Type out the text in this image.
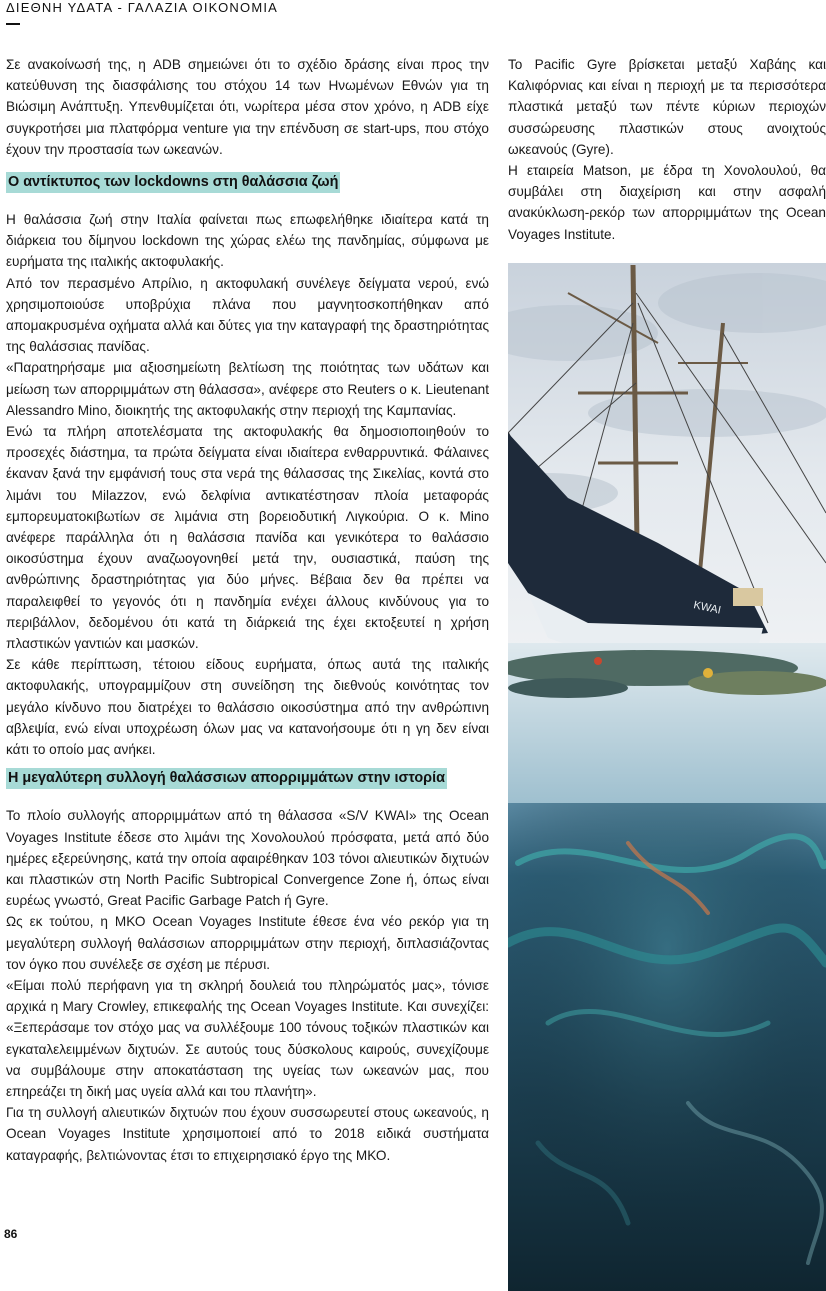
ΔΙΕΘΝΗ ΥΔΑΤΑ - ΓΑΛΑΖΙΑ ΟΙΚΟΝΟΜΙΑ

Σε ανακοίνωσή της, η ADB σημειώνει ότι το σχέδιο δράσης είναι προς την κατεύθυνση της διασφάλισης του στόχου 14 των Ηνωμένων Εθνών για τη Βιώσιμη Ανάπτυξη. Υπενθυμίζεται ότι, νωρίτερα μέσα στον χρόνο, η ADB είχε συγκροτήσει μια πλατφόρμα venture για την επένδυση σε start-ups, που στόχο έχουν την προστασία των ωκεανών.

Ο αντίκτυπος των lockdowns στη θαλάσσια ζωή

Η θαλάσσια ζωή στην Ιταλία φαίνεται πως επωφελήθηκε ιδιαίτερα κατά τη διάρκεια του δίμηνου lockdown της χώρας ελέω της πανδημίας, σύμφωνα με ευρήματα της ιταλικής ακτοφυλακής.

Από τον περασμένο Απρίλιο, η ακτοφυλακή συνέλεγε δείγματα νερού, ενώ χρησιμοποιούσε υποβρύχια πλάνα που μαγνητοσκοπήθηκαν από απομακρυσμένα οχήματα αλλά και δύτες για την καταγραφή της δραστηριότητας της θαλάσσιας πανίδας.

«Παρατηρήσαμε μια αξιοσημείωτη βελτίωση της ποιότητας των υδάτων και μείωση των απορριμμάτων στη θάλασσα», ανέφερε στο Reuters ο κ. Lieutenant Alessandro Mino, διοικητής της ακτοφυλακής στην περιοχή της Καμπανίας.

Ενώ τα πλήρη αποτελέσματα της ακτοφυλακής θα δημοσιοποιηθούν το προσεχές διάστημα, τα πρώτα δείγματα είναι ιδιαίτερα ενθαρρυντικά. Φάλαινες έκαναν ξανά την εμφάνισή τους στα νερά της θάλασσας της Σικελίας, κοντά στο λιμάνι του Milazzov, ενώ δελφίνια αντικατέστησαν πλοία μεταφοράς εμπορευματοκιβωτίων σε λιμάνια στη βορειοδυτική Λιγκούρια. Ο κ. Mino ανέφερε παράλληλα ότι η θαλάσσια πανίδα και γενικότερα το θαλάσσιο οικοσύστημα έχουν αναζωογονηθεί μετά την, ουσιαστικά, παύση της ανθρώπινης δραστηριότητας για δύο μήνες. Βέβαια δεν θα πρέπει να παραλειφθεί το γεγονός ότι η πανδημία ενέχει άλλους κινδύνους για το περιβάλλον, δεδομένου ότι κατά τη διάρκειά της έχει εκτοξευτεί η χρήση πλαστικών γαντιών και μασκών.

Σε κάθε περίπτωση, τέτοιου είδους ευρήματα, όπως αυτά της ιταλικής ακτοφυλακής, υπογραμμίζουν στη συνείδηση της διεθνούς κοινότητας τον μεγάλο κίνδυνο που διατρέχει το θαλάσσιο οικοσύστημα από την ανθρώπινη αβλεψία, ενώ είναι υποχρέωση όλων μας να κατανοήσουμε ότι η γη δεν είναι κάτι το οποίο μας ανήκει.

Η μεγαλύτερη συλλογή θαλάσσιων απορριμμάτων στην ιστορία

Το πλοίο συλλογής απορριμμάτων από τη θάλασσα «S/V KWAI» της Ocean Voyages Institute έδεσε στο λιμάνι της Χονολουλού πρόσφατα, μετά από δύο ημέρες εξερεύνησης, κατά την οποία αφαιρέθηκαν 103 τόνοι αλιευτικών διχτυών και πλαστικών στη North Pacific Subtropical Convergence Zone ή, όπως είναι ευρέως γνωστό, Great Pacific Garbage Patch ή Gyre.

Ως εκ τούτου, η ΜΚΟ Ocean Voyages Institute έθεσε ένα νέο ρεκόρ για τη μεγαλύτερη συλλογή θαλάσσιων απορριμμάτων στην περιοχή, διπλασιάζοντας τον όγκο που συνέλεξε σε σχέση με πέρυσι.

«Είμαι πολύ περήφανη για τη σκληρή δουλειά του πληρώματός μας», τόνισε αρχικά η Mary Crowley, επικεφαλής της Ocean Voyages Institute. Και συνεχίζει: «Ξεπεράσαμε τον στόχο μας να συλλέξουμε 100 τόνους τοξικών πλαστικών και εγκαταλελειμμένων διχτυών. Σε αυτούς τους δύσκολους καιρούς, συνεχίζουμε να συμβάλουμε στην αποκατάσταση της υγείας των ωκεανών μας, που επηρεάζει τη δική μας υγεία αλλά και του πλανήτη».

Για τη συλλογή αλιευτικών διχτυών που έχουν συσσωρευτεί στους ωκεανούς, η Ocean Voyages Institute χρησιμοποιεί από το 2018 ειδικά συστήματα καταγραφής, βελτιώνοντας έτσι το επιχειρησιακό έργο της ΜΚΟ.

Το Pacific Gyre βρίσκεται μεταξύ Χαβάης και Καλιφόρνιας και είναι η περιοχή με τα περισσότερα πλαστικά μεταξύ των πέντε κύριων περιοχών συσσώρευσης πλαστικών στους ανοιχτούς ωκεανούς (Gyre).

Η εταιρεία Matson, με έδρα τη Χονολουλού, θα συμβάλει στη διαχείριση και στην ασφαλή ανακύκλωση-ρεκόρ των απορριμμάτων της Ocean Voyages Institute.

KWAI
86
